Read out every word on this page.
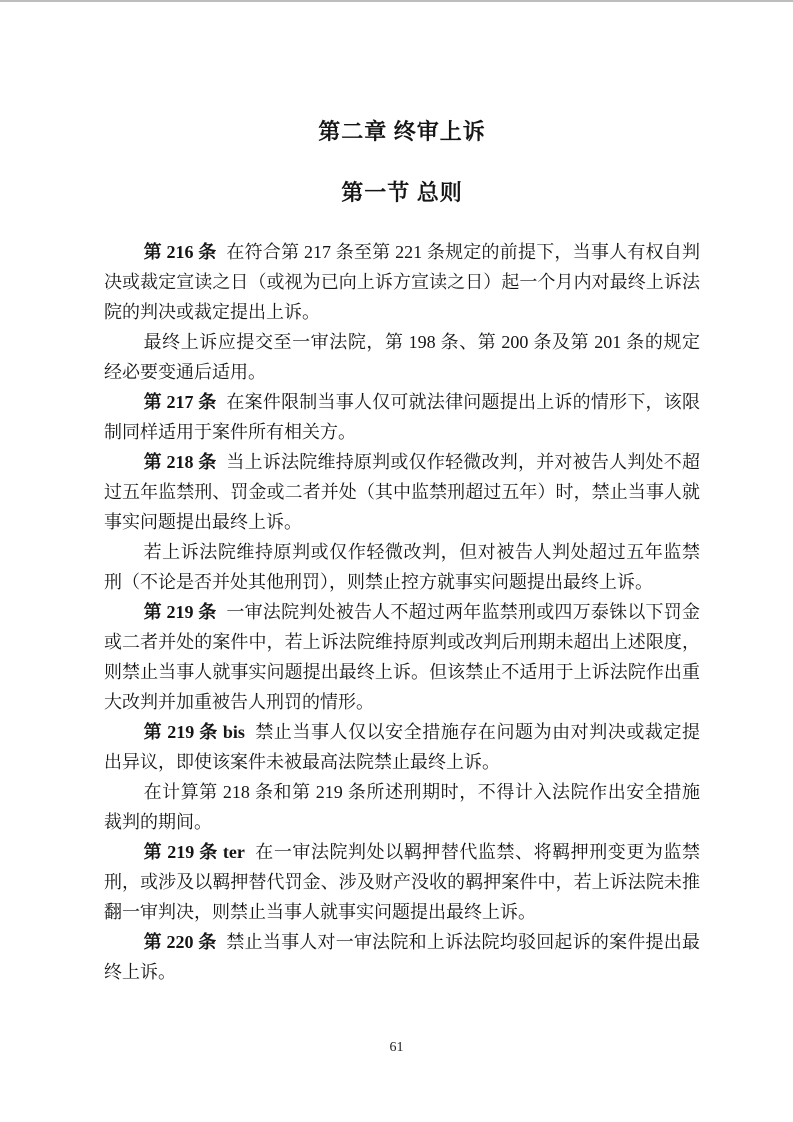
第二章 终审上诉
第一节 总则

第 216 条 在符合第 217 条至第 221 条规定的前提下，当事人有权自判决或裁定宣读之日（或视为已向上诉方宣读之日）起一个月内对最终上诉法院的判决或裁定提出上诉。

最终上诉应提交至一审法院，第 198 条、第 200 条及第 201 条的规定经必要变通后适用。

第 217 条 在案件限制当事人仅可就法律问题提出上诉的情形下，该限制同样适用于案件所有相关方。

第 218 条 当上诉法院维持原判或仅作轻微改判，并对被告人判处不超过五年监禁刑、罚金或二者并处（其中监禁刑超过五年）时，禁止当事人就事实问题提出最终上诉。

若上诉法院维持原判或仅作轻微改判，但对被告人判处超过五年监禁刑（不论是否并处其他刑罚），则禁止控方就事实问题提出最终上诉。

第 219 条 一审法院判处被告人不超过两年监禁刑或四万泰铢以下罚金或二者并处的案件中，若上诉法院维持原判或改判后刑期未超出上述限度，则禁止当事人就事实问题提出最终上诉。但该禁止不适用于上诉法院作出重大改判并加重被告人刑罚的情形。

第 219 条 bis 禁止当事人仅以安全措施存在问题为由对判决或裁定提出异议，即使该案件未被最高法院禁止最终上诉。

在计算第 218 条和第 219 条所述刑期时，不得计入法院作出安全措施裁判的期间。

第 219 条 ter 在一审法院判处以羁押替代监禁、将羁押刑变更为监禁刑，或涉及以羁押替代罚金、涉及财产没收的羁押案件中，若上诉法院未推翻一审判决，则禁止当事人就事实问题提出最终上诉。

第 220 条 禁止当事人对一审法院和上诉法院均驳回起诉的案件提出最终上诉。

61
